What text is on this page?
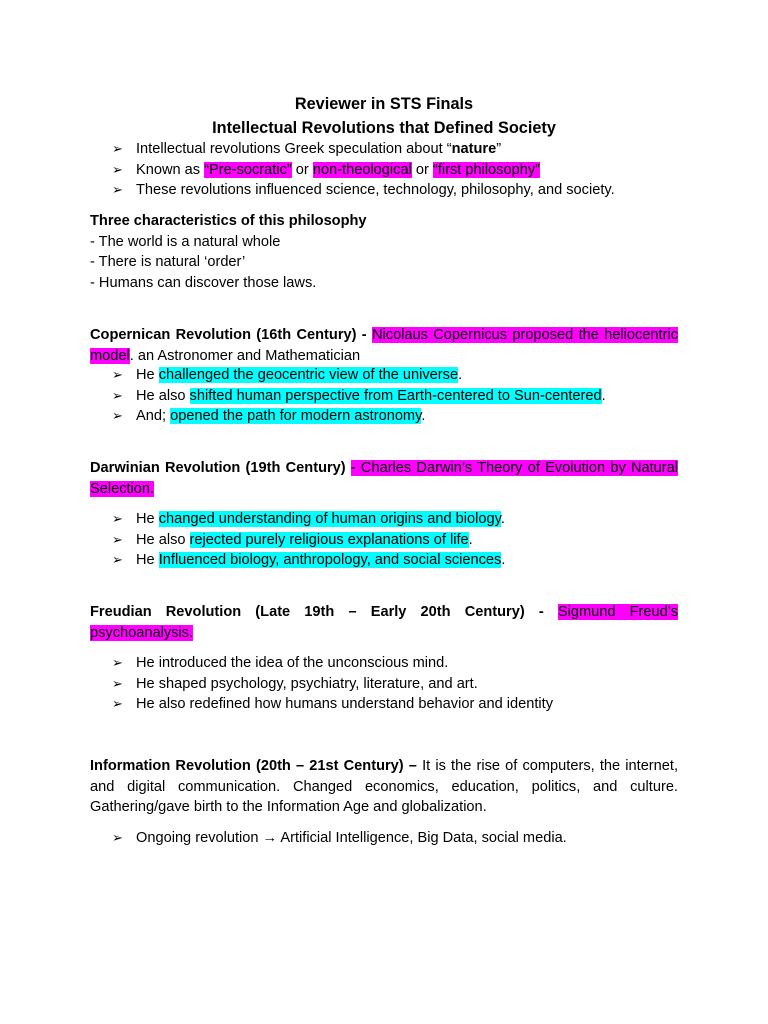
Reviewer in STS Finals
Intellectual Revolutions that Defined Society
➢ Intellectual revolutions Greek speculation about “nature”
➢ Known as “Pre-socratic” or non-theological or “first philosophy”
➢ These revolutions influenced science, technology, philosophy, and society.
Three characteristics of this philosophy
- The world is a natural whole
- There is natural ‘order’
- Humans can discover those laws.
Copernican Revolution (16th Century) - Nicolaus Copernicus proposed the heliocentric model. an Astronomer and Mathematician
➢ He challenged the geocentric view of the universe.
➢ He also shifted human perspective from Earth-centered to Sun-centered.
➢ And; opened the path for modern astronomy.
Darwinian Revolution (19th Century) - Charles Darwin’s Theory of Evolution by Natural Selection.
➢ He changed understanding of human origins and biology.
➢ He also rejected purely religious explanations of life.
➢ He Influenced biology, anthropology, and social sciences.
Freudian Revolution (Late 19th – Early 20th Century) - Sigmund Freud’s psychoanalysis.
➢ He introduced the idea of the unconscious mind.
➢ He shaped psychology, psychiatry, literature, and art.
➢ He also redefined how humans understand behavior and identity
Information Revolution (20th – 21st Century) – It is the rise of computers, the internet, and digital communication. Changed economics, education, politics, and culture. Gathering/gave birth to the Information Age and globalization.
➢ Ongoing revolution → Artificial Intelligence, Big Data, social media.
